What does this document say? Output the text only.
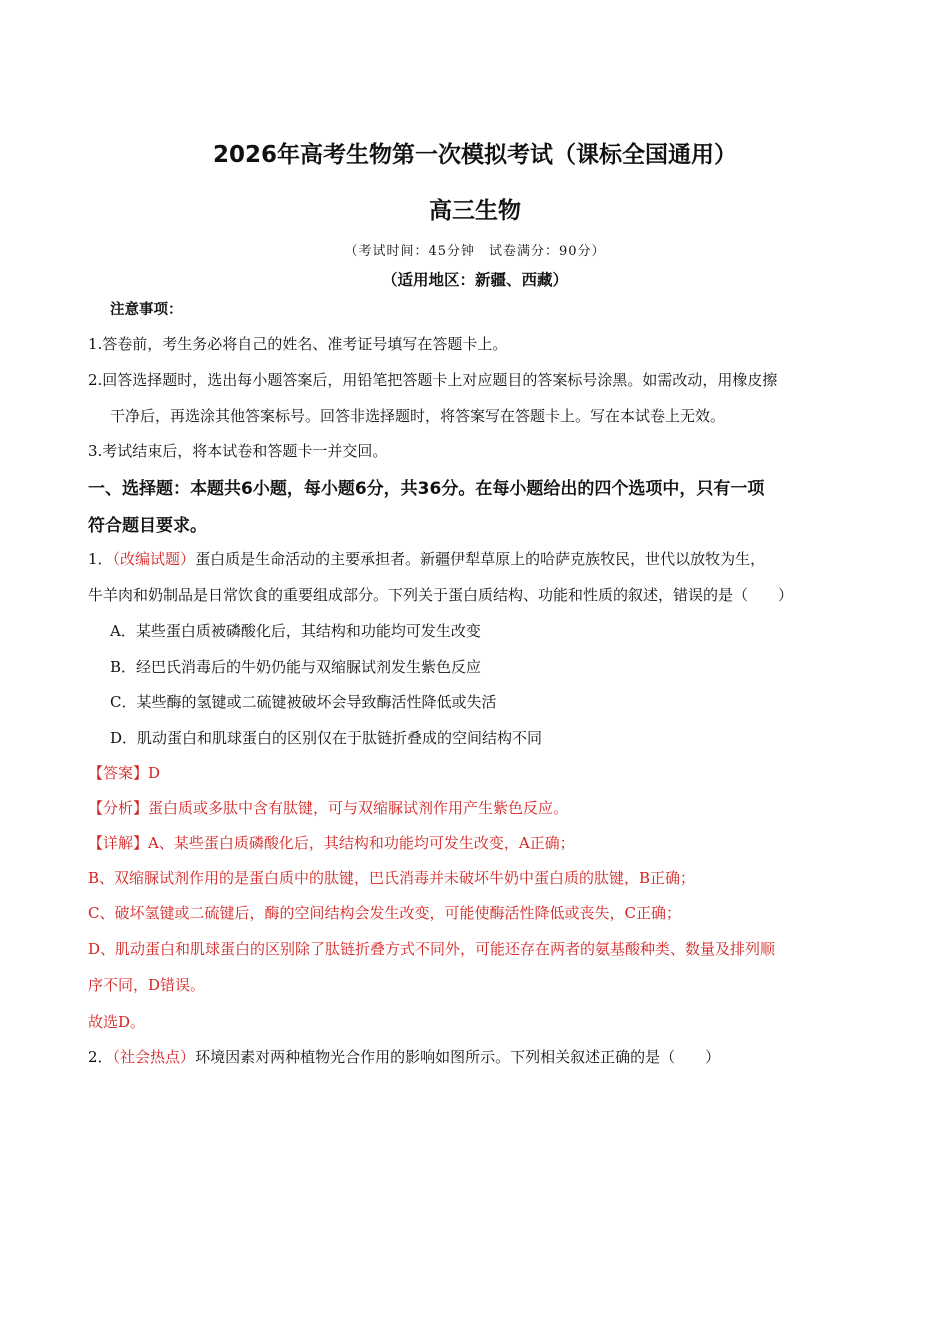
2026年高考生物第一次模拟考试（课标全国通用）
高三生物
（考试时间：45分钟　试卷满分：90分）
（适用地区：新疆、西藏）
注意事项：
1.答卷前，考生务必将自己的姓名、准考证号填写在答题卡上。
2.回答选择题时，选出每小题答案后，用铅笔把答题卡上对应题目的答案标号涂黑。如需改动，用橡皮擦
干净后，再选涂其他答案标号。回答非选择题时，将答案写在答题卡上。写在本试卷上无效。
3.考试结束后，将本试卷和答题卡一并交回。
一、选择题：本题共6小题，每小题6分，共36分。在每小题给出的四个选项中，只有一项
符合题目要求。
1．（改编试题）蛋白质是生命活动的主要承担者。新疆伊犁草原上的哈萨克族牧民，世代以放牧为生，
牛羊肉和奶制品是日常饮食的重要组成部分。下列关于蛋白质结构、功能和性质的叙述，错误的是（　　）
A．某些蛋白质被磷酸化后，其结构和功能均可发生改变
B．经巴氏消毒后的牛奶仍能与双缩脲试剂发生紫色反应
C．某些酶的氢键或二硫键被破坏会导致酶活性降低或失活
D．肌动蛋白和肌球蛋白的区别仅在于肽链折叠成的空间结构不同
【答案】D
【分析】蛋白质或多肽中含有肽键，可与双缩脲试剂作用产生紫色反应。
【详解】A、某些蛋白质磷酸化后，其结构和功能均可发生改变，A正确；
B、双缩脲试剂作用的是蛋白质中的肽键，巴氏消毒并未破坏牛奶中蛋白质的肽键，B正确；
C、破坏氢键或二硫键后，酶的空间结构会发生改变，可能使酶活性降低或丧失，C正确；
D、肌动蛋白和肌球蛋白的区别除了肽链折叠方式不同外，可能还存在两者的氨基酸种类、数量及排列顺
序不同，D错误。
故选D。
2．（社会热点）环境因素对两种植物光合作用的影响如图所示。下列相关叙述正确的是（　　）
